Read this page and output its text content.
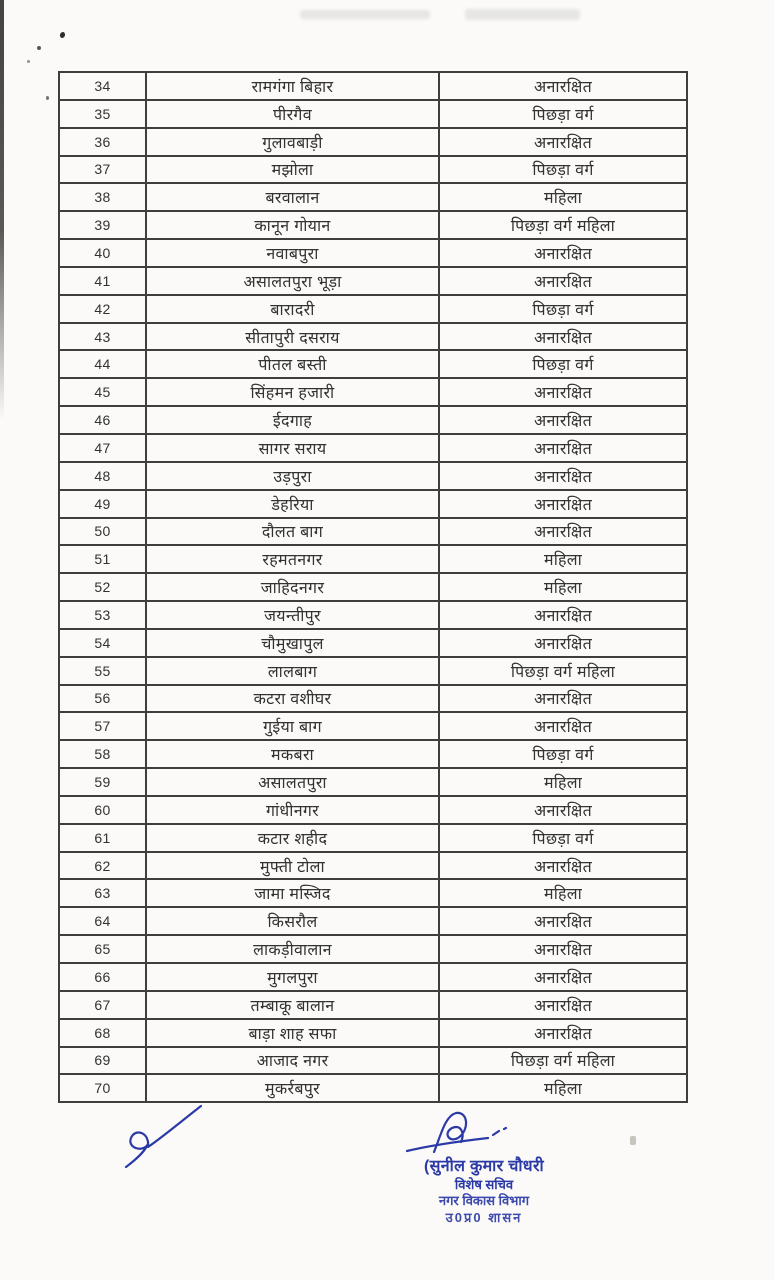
34	रामगंगा बिहार	अनारक्षित
35	पीरगैव	पिछड़ा वर्ग
36	गुलावबाड़ी	अनारक्षित
37	मझोला	पिछड़ा वर्ग
38	बरवालान	महिला
39	कानून गोयान	पिछड़ा वर्ग महिला
40	नवाबपुरा	अनारक्षित
41	असालतपुरा भूड़ा	अनारक्षित
42	बारादरी	पिछड़ा वर्ग
43	सीतापुरी दसराय	अनारक्षित
44	पीतल बस्ती	पिछड़ा वर्ग
45	सिंहमन हजारी	अनारक्षित
46	ईदगाह	अनारक्षित
47	सागर सराय	अनारक्षित
48	उड़पुरा	अनारक्षित
49	डेहरिया	अनारक्षित
50	दौलत बाग	अनारक्षित
51	रहमतनगर	महिला
52	जाहिदनगर	महिला
53	जयन्तीपुर	अनारक्षित
54	चौमुखापुल	अनारक्षित
55	लालबाग	पिछड़ा वर्ग महिला
56	कटरा वशीघर	अनारक्षित
57	गुईया बाग	अनारक्षित
58	मकबरा	पिछड़ा वर्ग
59	असालतपुरा	महिला
60	गांधीनगर	अनारक्षित
61	कटार शहीद	पिछड़ा वर्ग
62	मुफ्ती टोला	अनारक्षित
63	जामा मस्जिद	महिला
64	किसरौल	अनारक्षित
65	लाकड़ीवालान	अनारक्षित
66	मुगलपुरा	अनारक्षित
67	तम्बाकू बालान	अनारक्षित
68	बाड़ा शाह सफा	अनारक्षित
69	आजाद नगर	पिछड़ा वर्ग महिला
70	मुकर्रबपुर	महिला
(सुनील कुमार चौधरी
विशेष सचिव
नगर विकास विभाग
उ0प्र0 शासन
